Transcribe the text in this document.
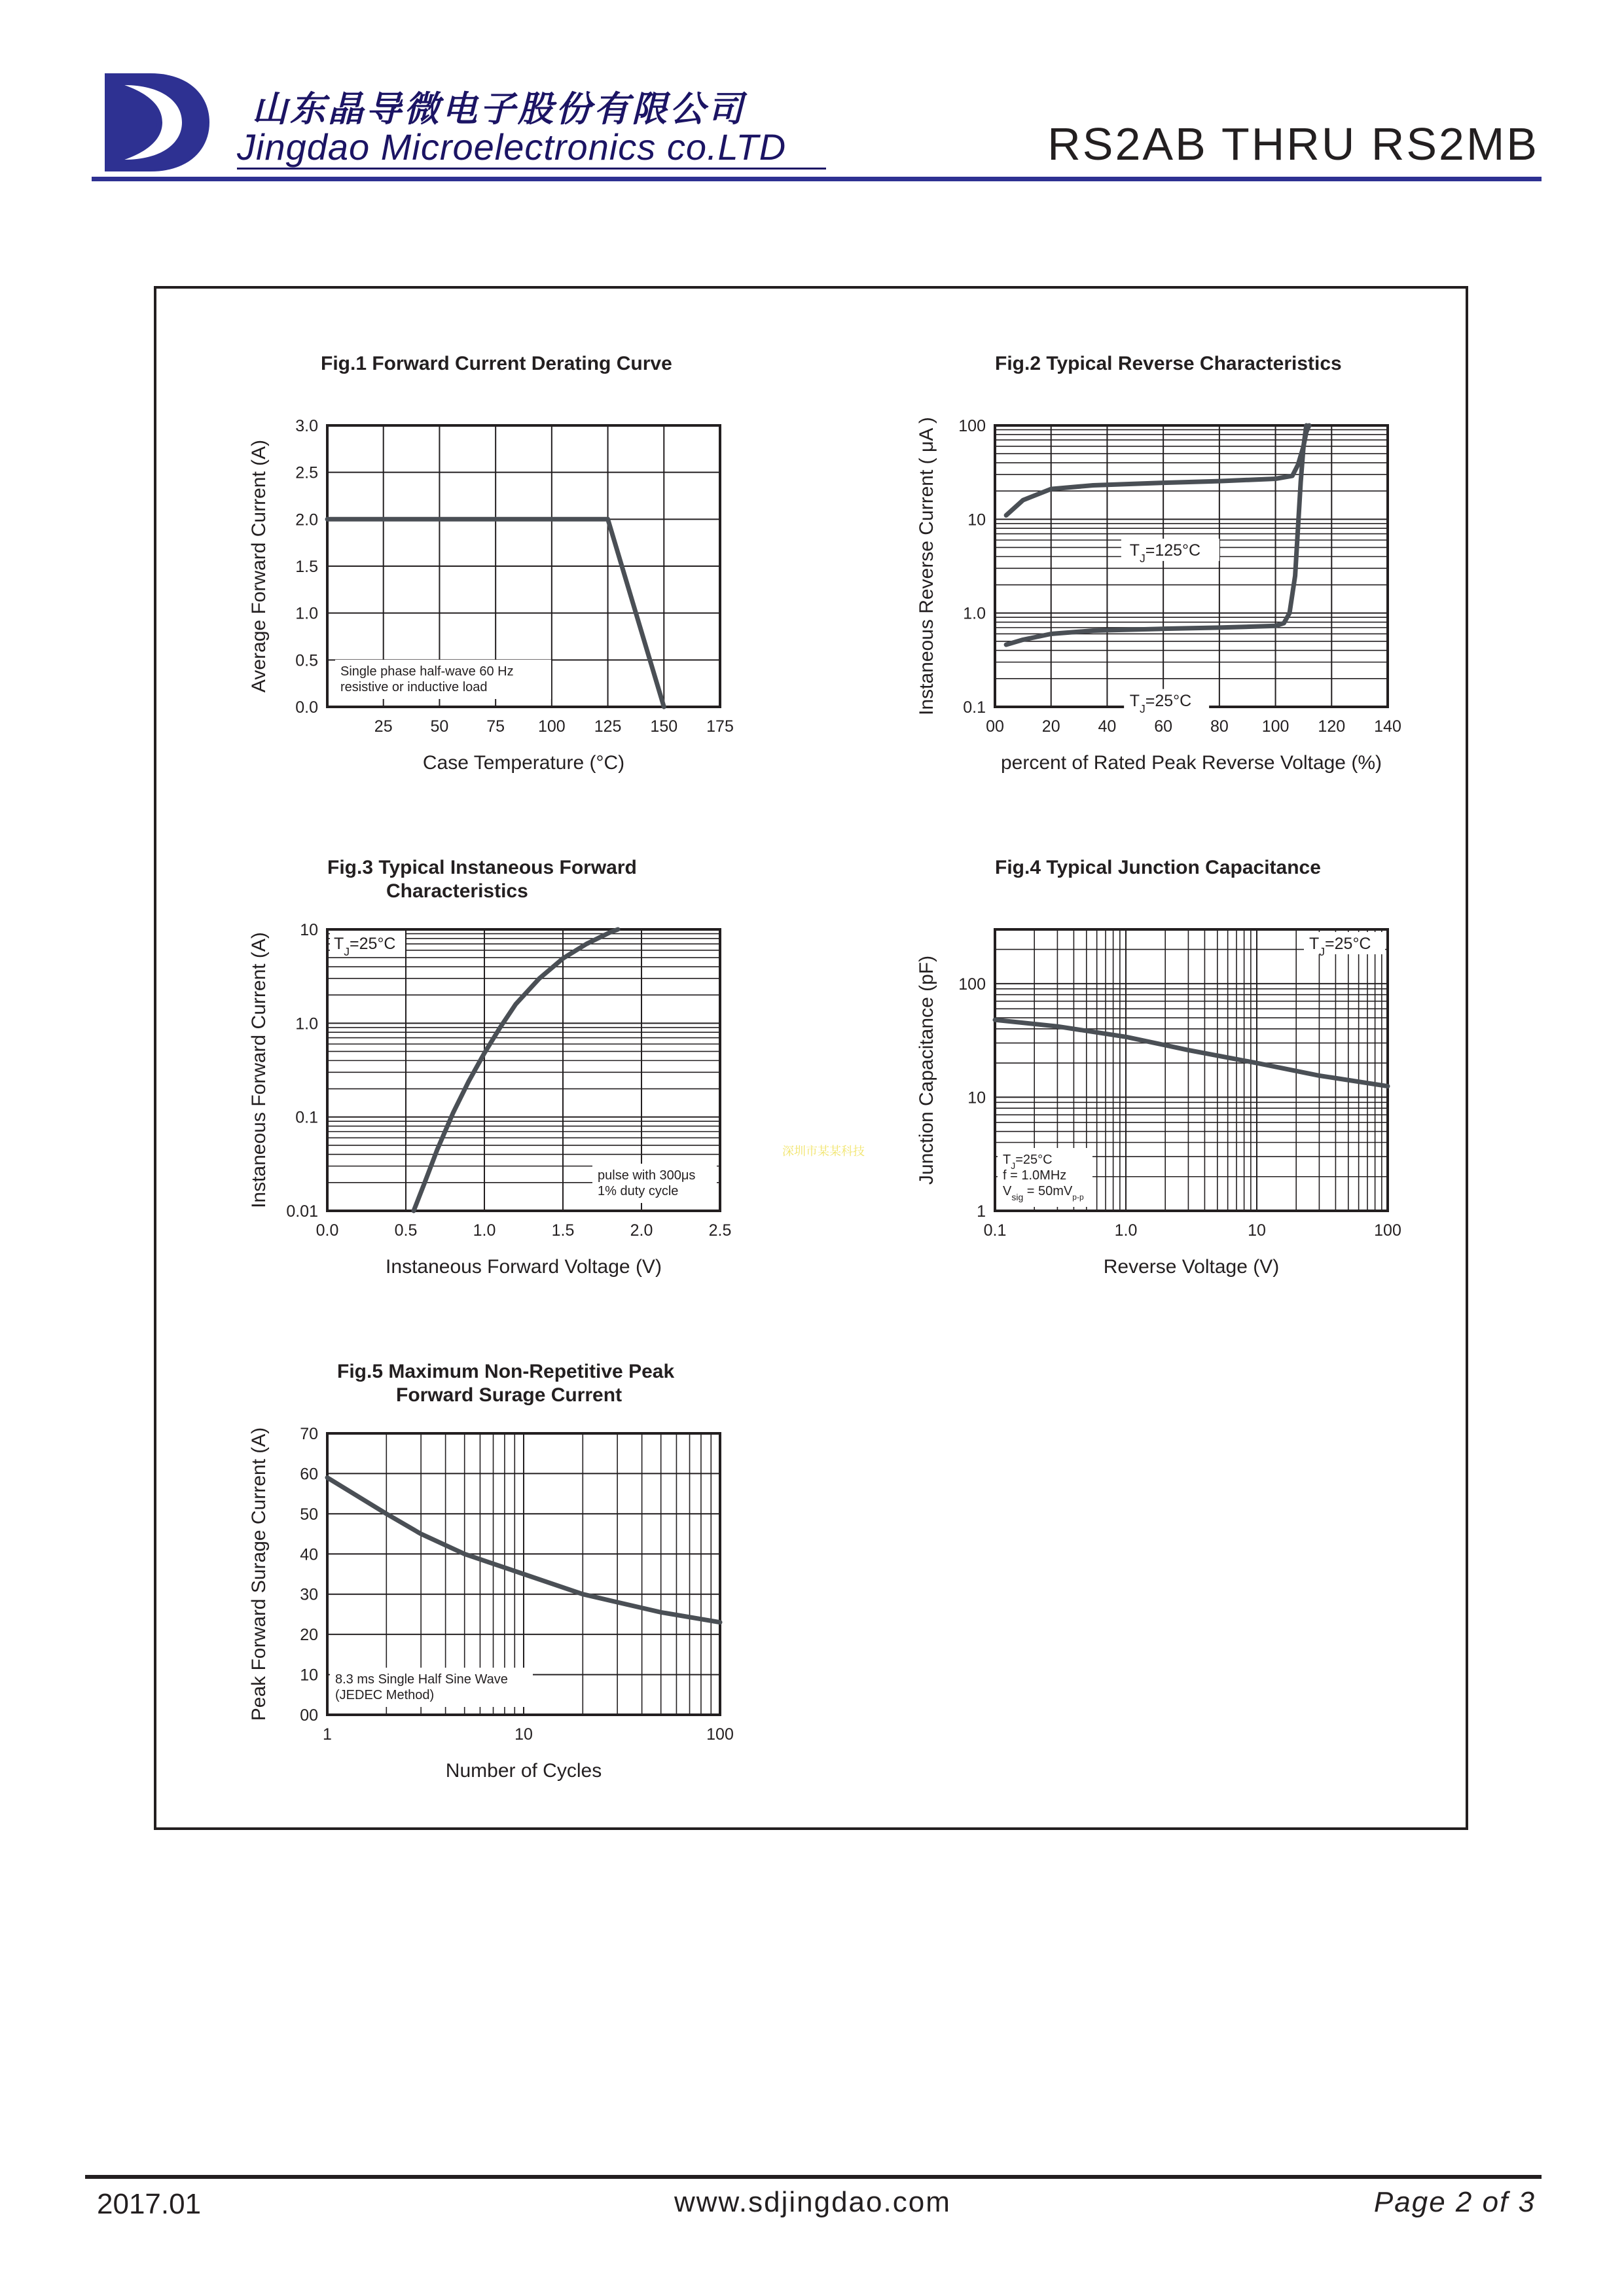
山东晶导微电子股份有限公司
Jingdao Microelectronics co.LTD	RS2AB THRU RS2MB
Fig.1 Forward Current Derating Curve
25 50 75 100 125 150 175
0.0
0.5
1.0
1.5
2.0
2.5
3.0
Case Temperature (°C)
Average Forward Current (A)	Single phase half-wave 60 Hz
resistive or inductive load
Fig.2 Typical Reverse Characteristics
00 20 40 60 80 100 120 140
0.1
1.0
10
100
percent of Rated Peak Reverse Voltage (%)
Instaneous Reverse Current ( μA )	$T_J=125^\circ C$
$T_J=25^\circ C$
Fig.3 Typical Instaneous Forward
Characteristics
0.0	0.5	1.0	1.5	2.0	2.5
0.01
0.1
1.0
10
Instaneous Forward Voltage (V)
Instaneous Forward Current (A)	$T_J=25^\circ C$
pulse with 300μs
1% duty cycle
Fig.4 Typical Junction Capacitance
0.1	1.0	10	100
1
10
100
Reverse Voltage (V)
Junction Capacitance (pF)
$T_J=25^\circ C$
$T_J=25^\circ C$
f = 1.0MHz
$V_{sig} = 50mV_{p-p}$
Fig.5 Maximum Non-Repetitive Peak
Forward Surage Current
1	10	100
00
10
20
30
40
50
60
70
Number of Cycles
Peak Forward Surage Current (A)	8.3 ms Single Half Sine Wave
(JEDEC Method)
深圳市某某科技
2017.01	www.sdjingdao.com	Page 2 of 3
